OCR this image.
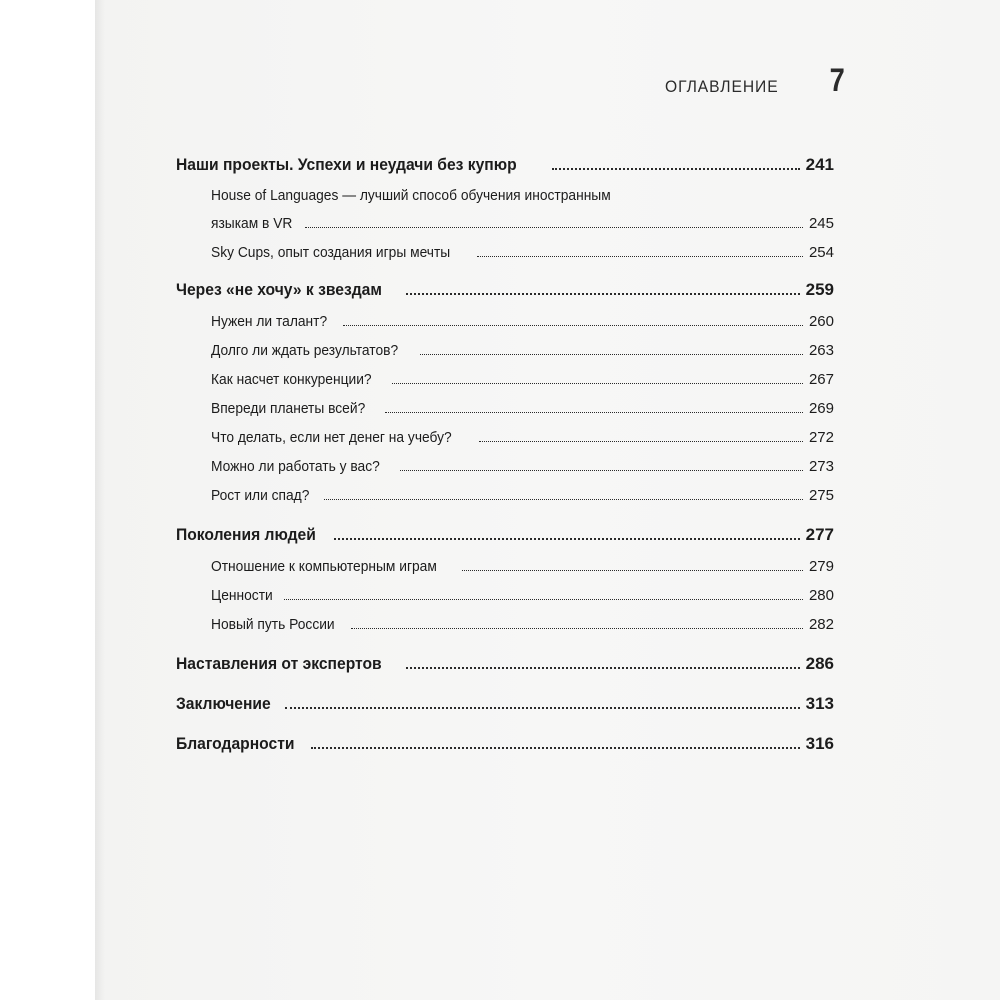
ОГЛАВЛЕНИЕ 7
Наши проекты. Успехи и неудачи без купюр	241
House of Languages — лучший способ обучения иностранным
языкам в VR	245
Sky Cups, опыт создания игры мечты	254
Через «не хочу» к звездам	259
Нужен ли талант?	260
Долго ли ждать результатов?	263
Как насчет конкуренции?	267
Впереди планеты всей?	269
Что делать, если нет денег на учебу?	272
Можно ли работать у вас?	273
Рост или спад?	275
Поколения людей	277
Отношение к компьютерным играм	279
Ценности	280
Новый путь России	282
Наставления от экспертов	286
Заключение	313
Благодарности	316
